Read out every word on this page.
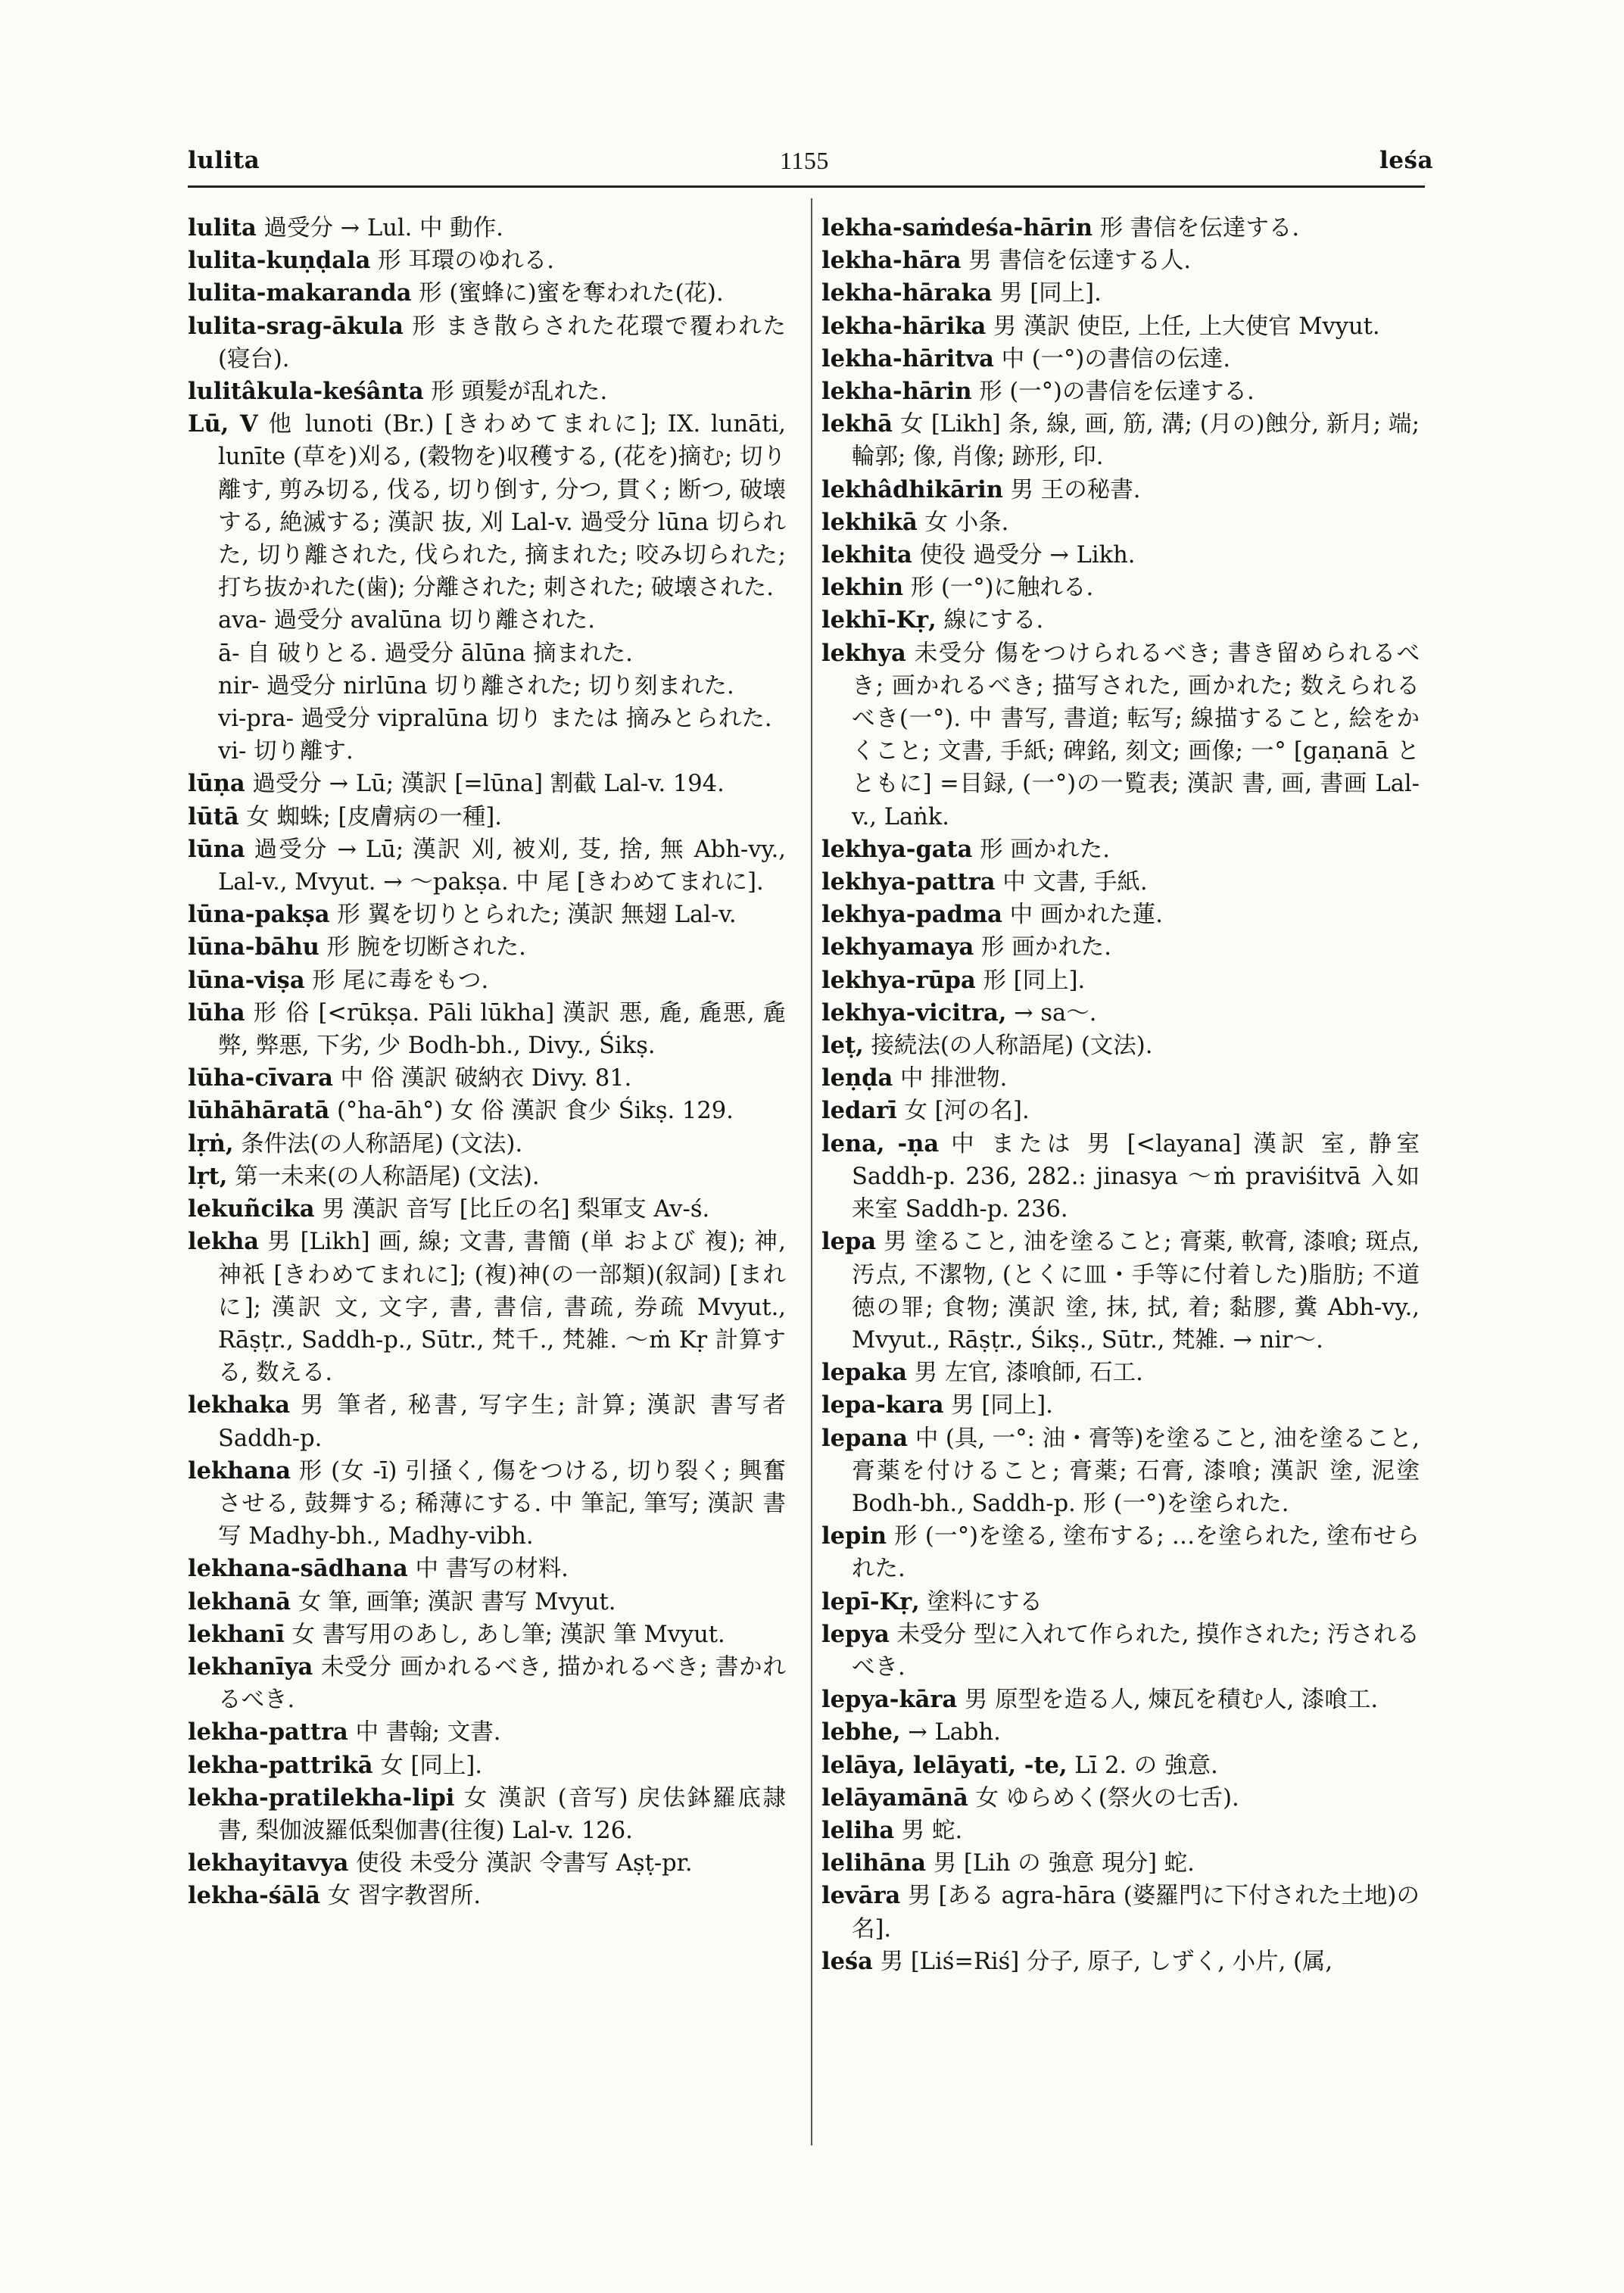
lulita	1155	leśa

lulita 過受分 → Lul. 中 動作.

lulita-kuṇḍala 形 耳環のゆれる.

lulita-makaranda 形 (蜜蜂に)蜜を奪われた(花).

lulita-srag-ākula 形 まき散らされた花環で覆われた(寝台).

lulitâkula-keśânta 形 頭髪が乱れた.

Lū, V 他 lunoti (Br.) [きわめてまれに]; IX. lunāti, lunīte (草を)刈る, (穀物を)収穫する, (花を)摘む; 切り離す, 剪み切る, 伐る, 切り倒す, 分つ, 貫く; 断つ, 破壊する, 絶滅する; 漢訳 抜, 刈 Lal-v. 過受分 lūna 切られた, 切り離された, 伐られた, 摘まれた; 咬み切られた; 打ち抜かれた(歯); 分離された; 刺された; 破壊された.

ava- 過受分 avalūna 切り離された.

ā- 自 破りとる. 過受分 ālūna 摘まれた.

nir- 過受分 nirlūna 切り離された; 切り刻まれた.

vi-pra- 過受分 vipralūna 切り または 摘みとられた.

vi- 切り離す.

lūṇa 過受分 → Lū; 漢訳 [=lūna] 割截 Lal-v. 194.

lūtā 女 蜘蛛; [皮膚病の一種].

lūna 過受分 → Lū; 漢訳 刈, 被刈, 芟, 捨, 無 Abh-vy., Lal-v., Mvyut. → ～pakṣa. 中 尾 [きわめてまれに].

lūna-pakṣa 形 翼を切りとられた; 漢訳 無翅 Lal-v.

lūna-bāhu 形 腕を切断された.

lūna-viṣa 形 尾に毒をもつ.

lūha 形 俗 [<rūkṣa. Pāli lūkha] 漢訳 悪, 麁, 麁悪, 麁弊, 弊悪, 下劣, 少 Bodh-bh., Divy., Śikṣ.

lūha-cīvara 中 俗 漢訳 破納衣 Divy. 81.

lūhāhāratā (°ha-āh°) 女 俗 漢訳 食少 Śikṣ. 129.

lṛṅ, 条件法(の人称語尾) (文法).

lṛt, 第一未来(の人称語尾) (文法).

lekuñcika 男 漢訳 音写 [比丘の名] 梨軍支 Av-ś.

lekha 男 [Likh] 画, 線; 文書, 書簡 (単 および 複); 神, 神祇 [きわめてまれに]; (複)神(の一部類)(叙詞) [まれに]; 漢訳 文, 文字, 書, 書信, 書疏, 券疏 Mvyut., Rāṣṭr., Saddh-p., Sūtr., 梵千., 梵雑. ～ṁ Kṛ 計算する, 数える.

lekhaka 男 筆者, 秘書, 写字生; 計算; 漢訳 書写者 Saddh-p.

lekhana 形 (女 -ī) 引掻く, 傷をつける, 切り裂く; 興奮させる, 鼓舞する; 稀薄にする. 中 筆記, 筆写; 漢訳 書写 Madhy-bh., Madhy-vibh.

lekhana-sādhana 中 書写の材料.

lekhanā 女 筆, 画筆; 漢訳 書写 Mvyut.

lekhanī 女 書写用のあし, あし筆; 漢訳 筆 Mvyut.

lekhanīya 未受分 画かれるべき, 描かれるべき; 書かれるべき.

lekha-pattra 中 書翰; 文書.

lekha-pattrikā 女 [同上].

lekha-pratilekha-lipi 女 漢訳 (音写) 戻佉鉢羅底隷書, 梨伽波羅低梨伽書(往復) Lal-v. 126.

lekhayitavya 使役 未受分 漢訳 令書写 Aṣṭ-pr.

lekha-śālā 女 習字教習所.

lekha-saṁdeśa-hārin 形 書信を伝達する.

lekha-hāra 男 書信を伝達する人.

lekha-hāraka 男 [同上].

lekha-hārika 男 漢訳 使臣, 上任, 上大使官 Mvyut.

lekha-hāritva 中 (一°)の書信の伝達.

lekha-hārin 形 (一°)の書信を伝達する.

lekhā 女 [Likh] 条, 線, 画, 筋, 溝; (月の)蝕分, 新月; 端; 輪郭; 像, 肖像; 跡形, 印.

lekhâdhikārin 男 王の秘書.

lekhikā 女 小条.

lekhita 使役 過受分 → Likh.

lekhin 形 (一°)に触れる.

lekhī-Kṛ, 線にする.

lekhya 未受分 傷をつけられるべき; 書き留められるべき; 画かれるべき; 描写された, 画かれた; 数えられるべき(一°). 中 書写, 書道; 転写; 線描すること, 絵をかくこと; 文書, 手紙; 碑銘, 刻文; 画像; 一° [gaṇanā とともに] =目録, (一°)の一覧表; 漢訳 書, 画, 書画 Lal-v., Laṅk.

lekhya-gata 形 画かれた.

lekhya-pattra 中 文書, 手紙.

lekhya-padma 中 画かれた蓮.

lekhyamaya 形 画かれた.

lekhya-rūpa 形 [同上].

lekhya-vicitra, → sa～.

leṭ, 接続法(の人称語尾) (文法).

leṇḍa 中 排泄物.

ledarī 女 [河の名].

lena, -ṇa 中 または 男 [<layana] 漢訳 室, 静室 Saddh-p. 236, 282.: jinasya ～ṁ praviśitvā 入如来室 Saddh-p. 236.

lepa 男 塗ること, 油を塗ること; 膏薬, 軟膏, 漆喰; 斑点, 汚点, 不潔物, (とくに皿・手等に付着した)脂肪; 不道徳の罪; 食物; 漢訳 塗, 抹, 拭, 着; 黏膠, 糞 Abh-vy., Mvyut., Rāṣṭr., Śikṣ., Sūtr., 梵雑. → nir～.

lepaka 男 左官, 漆喰師, 石工.

lepa-kara 男 [同上].

lepana 中 (具, 一°: 油・膏等)を塗ること, 油を塗ること, 膏薬を付けること; 膏薬; 石膏, 漆喰; 漢訳 塗, 泥塗 Bodh-bh., Saddh-p. 形 (一°)を塗られた.

lepin 形 (一°)を塗る, 塗布する; …を塗られた, 塗布せられた.

lepī-Kṛ, 塗料にする

lepya 未受分 型に入れて作られた, 摸作された; 汚されるべき.

lepya-kāra 男 原型を造る人, 煉瓦を積む人, 漆喰工.

lebhe, → Labh.

lelāya, lelāyati, -te, Lī 2. の 強意.

lelāyamānā 女 ゆらめく(祭火の七舌).

leliha 男 蛇.

lelihāna 男 [Lih の 強意 現分] 蛇.

levāra 男 [ある agra-hāra (婆羅門に下付された土地)の名].

leśa 男 [Liś=Riś] 分子, 原子, しずく, 小片, (属,
